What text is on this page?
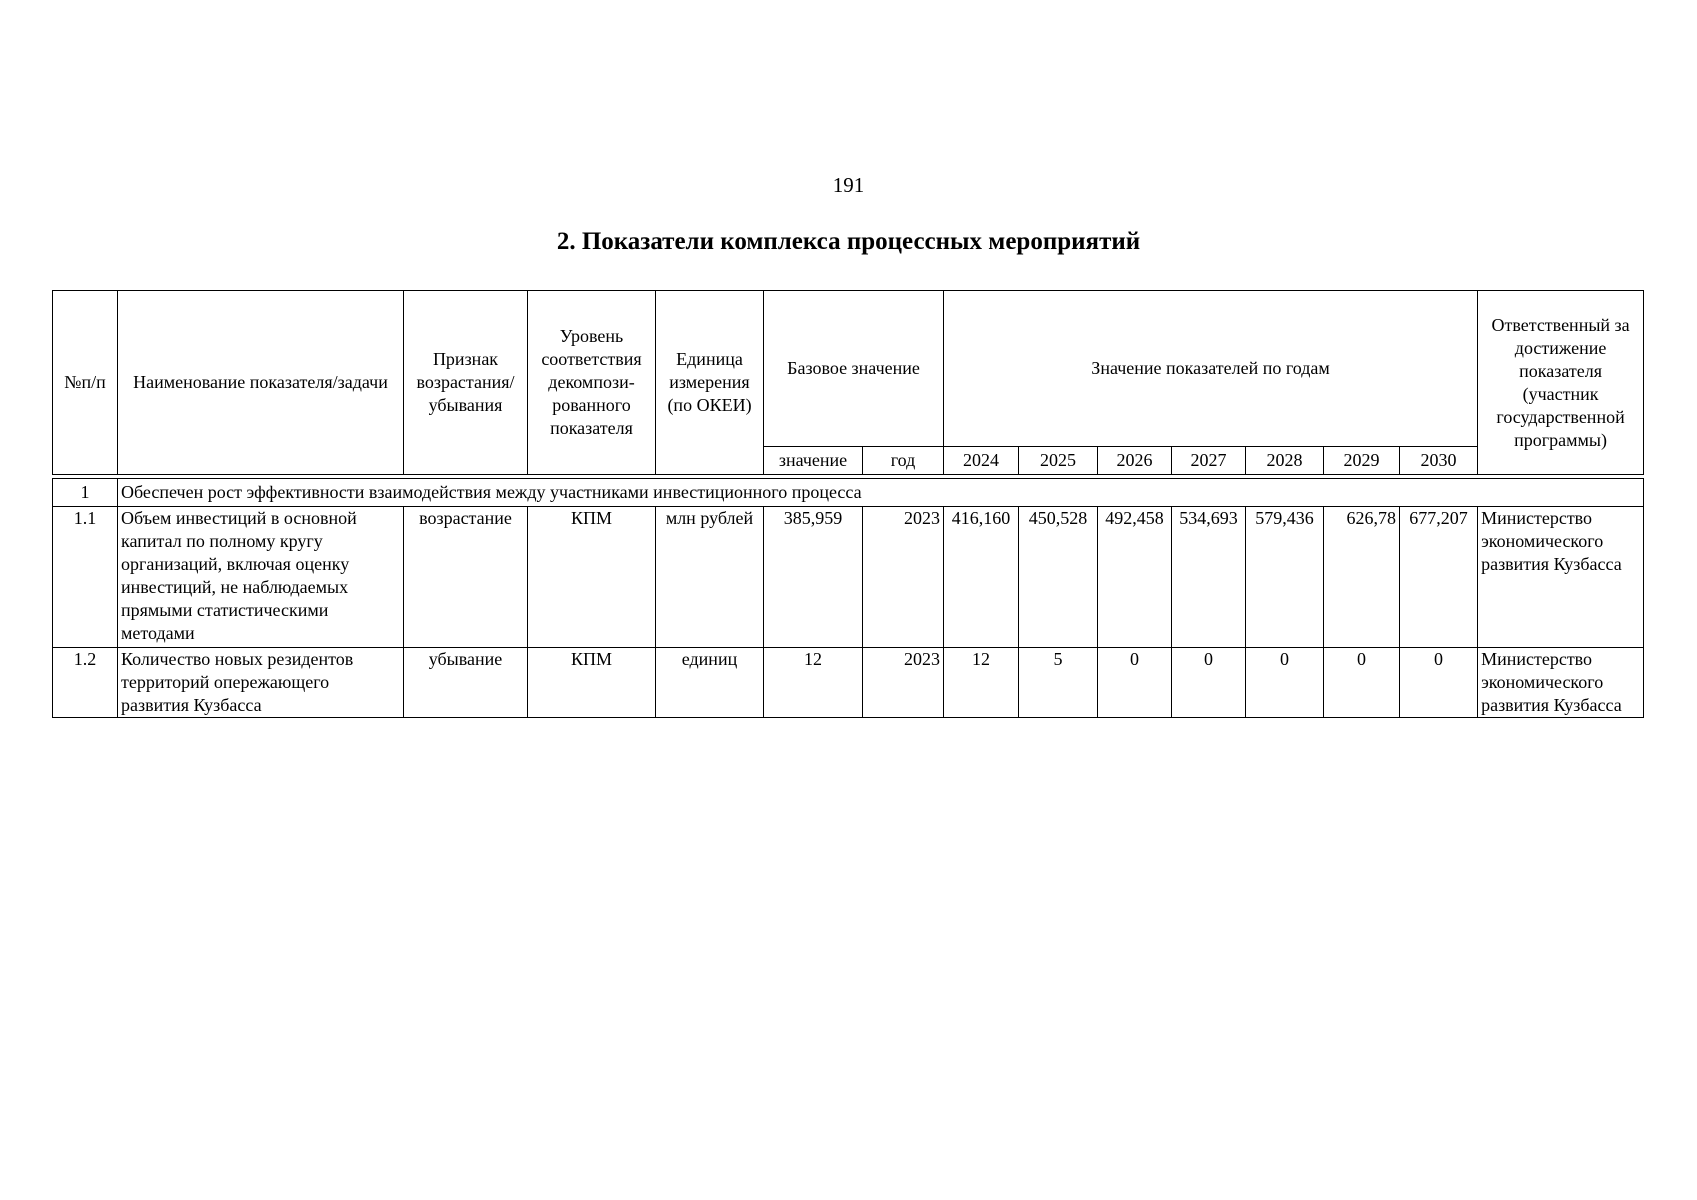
191
2. Показатели комплекса процессных мероприятий
№п/п	Наименование показателя/задачи	Признак возрастания/ убывания	Уровень соответствия декомпози- рованного показателя	Единица измерения (по ОКЕИ)	Базовое значение		Значение показателей по годам							Ответственный за достижение показателя (участник государственной программы)
					значение	год	2024	2025	2026	2027	2028	2029	2030	

1	Обеспечен рост эффективности взаимодействия между участниками инвестиционного процесса													
1.1	Объем инвестиций в основной капитал по полному кругу организаций, включая оценку инвестиций, не наблюдаемых прямыми статистическими методами	возрастание	КПМ	млн рублей	385,959	2023	416,160	450,528	492,458	534,693	579,436	626,78	677,207	Министерство экономического развития Кузбасса
1.2	Количество новых резидентов территорий опережающего развития Кузбасса	убывание	КПМ	единиц	12	2023	12	5	0	0	0	0	0	Министерство экономического развития Кузбасса
